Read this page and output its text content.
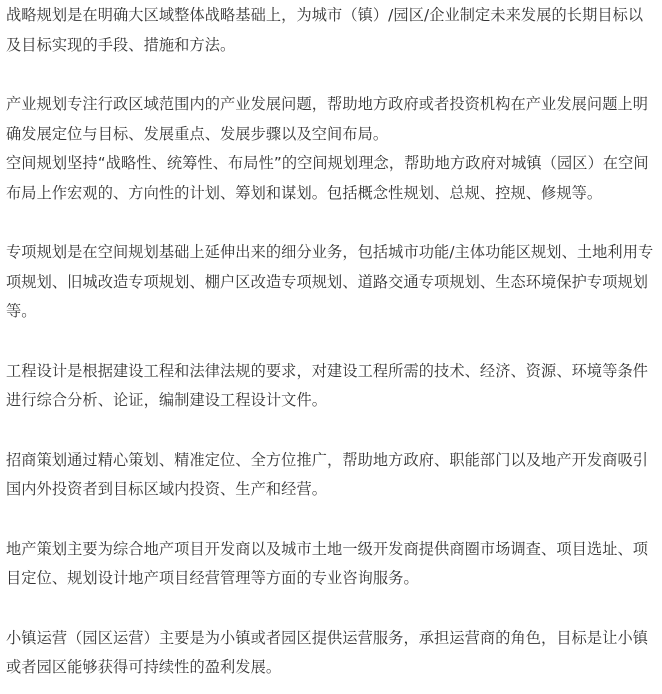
战略规划是在明确大区域整体战略基础上，为城市（镇）/园区/企业制定未来发展的长期目标以及目标实现的手段、措施和方法。

产业规划专注行政区域范围内的产业发展问题，帮助地方政府或者投资机构在产业发展问题上明确发展定位与目标、发展重点、发展步骤以及空间布局。

空间规划坚持“战略性、统筹性、布局性”的空间规划理念，帮助地方政府对城镇（园区）在空间布局上作宏观的、方向性的计划、筹划和谋划。包括概念性规划、总规、控规、修规等。

专项规划是在空间规划基础上延伸出来的细分业务，包括城市功能/主体功能区规划、土地利用专项规划、旧城改造专项规划、棚户区改造专项规划、道路交通专项规划、生态环境保护专项规划等。

工程设计是根据建设工程和法律法规的要求，对建设工程所需的技术、经济、资源、环境等条件进行综合分析、论证，编制建设工程设计文件。

招商策划通过精心策划、精准定位、全方位推广，帮助地方政府、职能部门以及地产开发商吸引国内外投资者到目标区域内投资、生产和经营。

地产策划主要为综合地产项目开发商以及城市土地一级开发商提供商圈市场调查、项目选址、项目定位、规划设计地产项目经营管理等方面的专业咨询服务。

小镇运营（园区运营）主要是为小镇或者园区提供运营服务，承担运营商的角色，目标是让小镇或者园区能够获得可持续性的盈利发展。
